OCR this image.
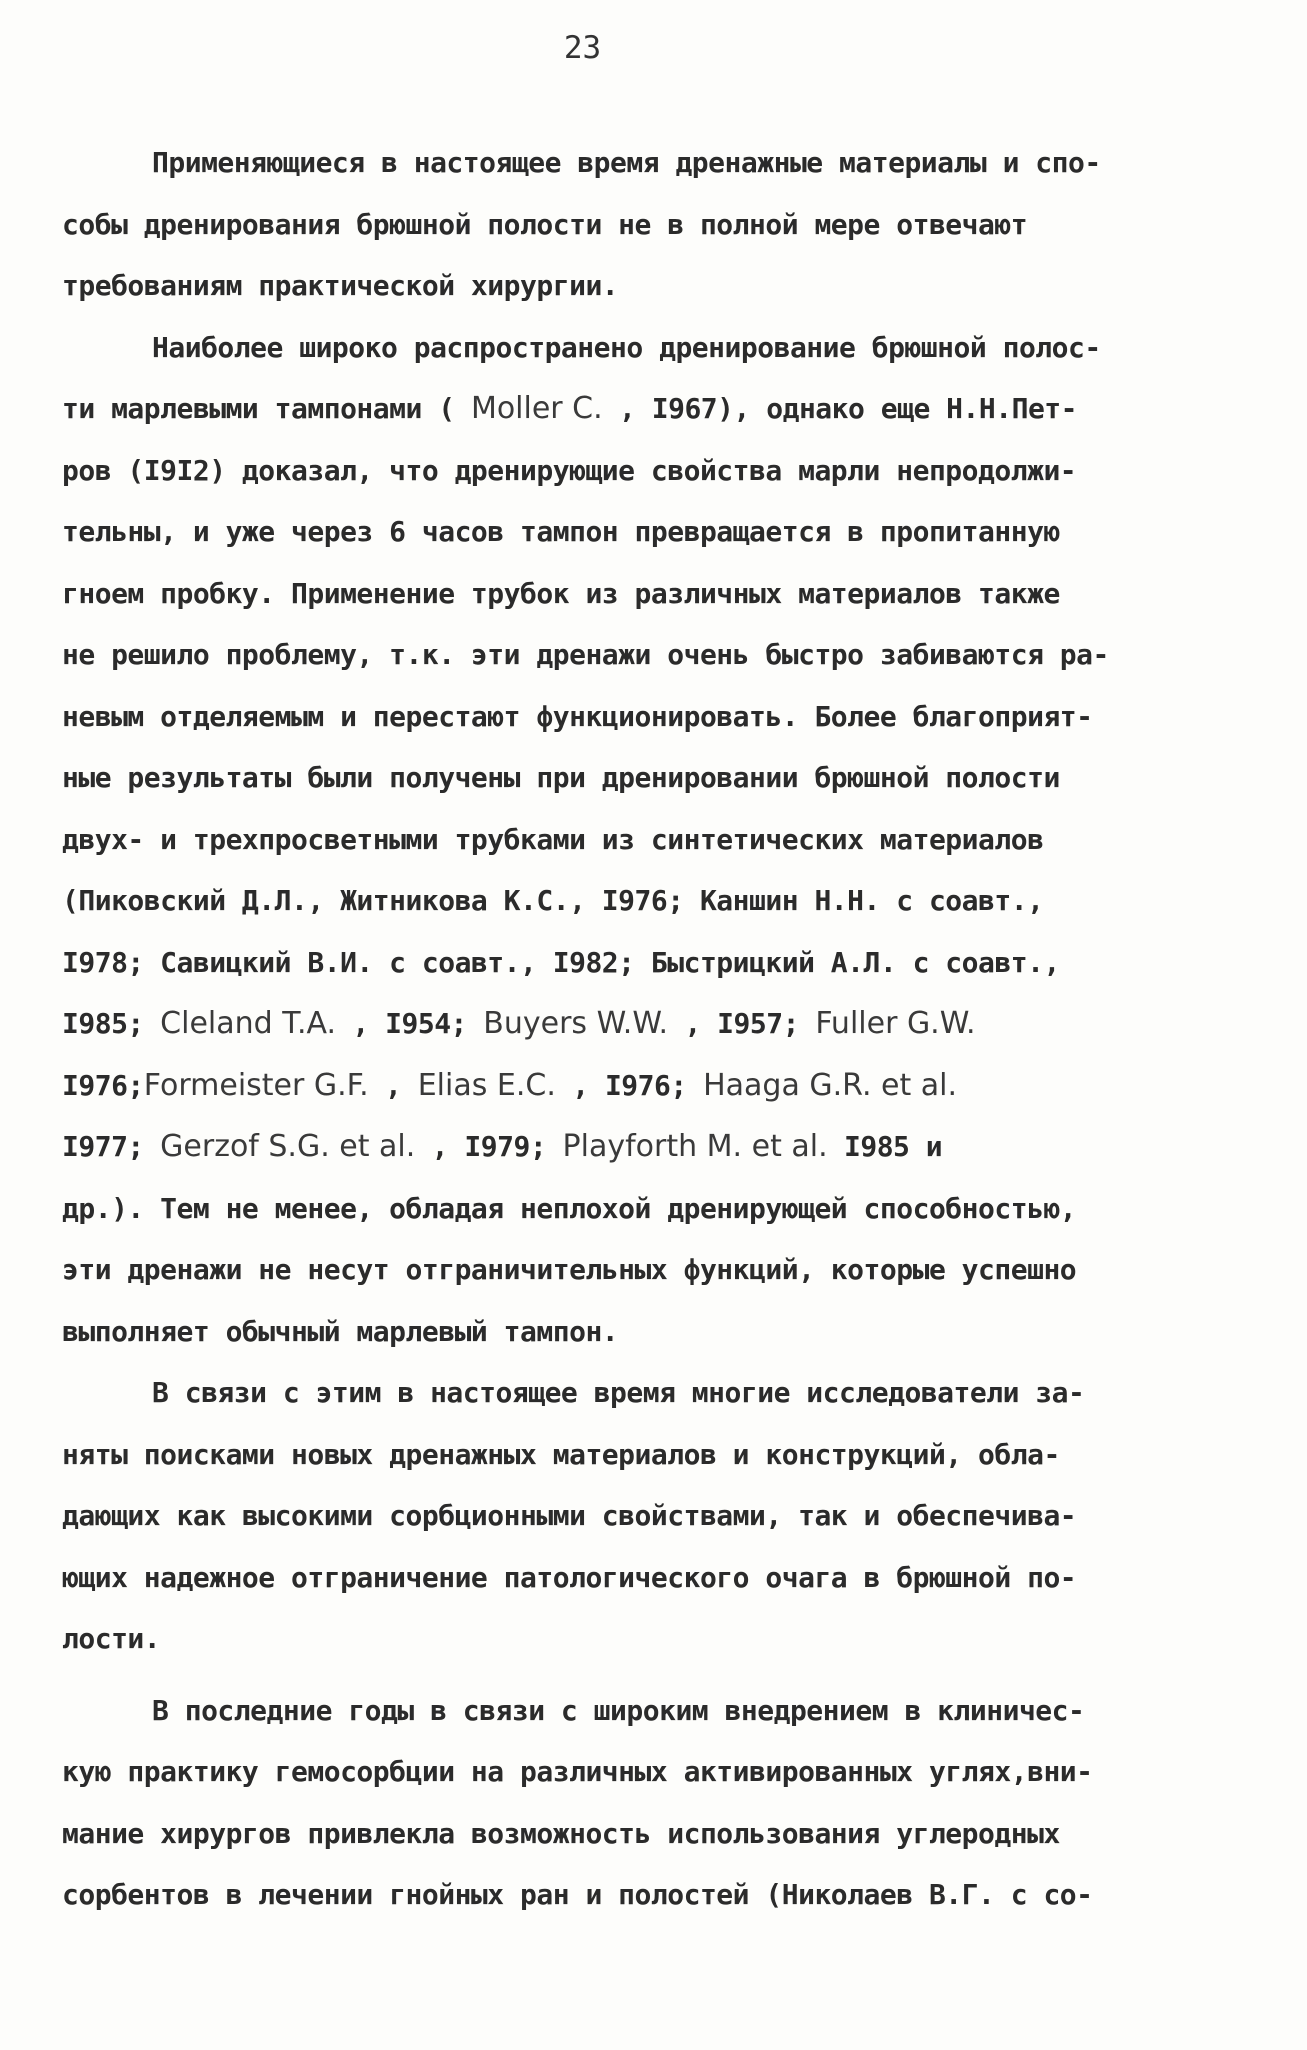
23

Применяющиеся в настоящее время дренажные материалы и спо-

собы дренирования брюшной полости не в полной мере отвечают

требованиям практической хирургии.

Наиболее широко распространено дренирование брюшной полос-

ти марлевыми тампонами ( Moller C. , I967), однако еще Н.Н.Пет-

ров (I9I2) доказал, что дренирующие свойства марли непродолжи-

тельны, и уже через 6 часов тампон превращается в пропитанную

гноем пробку. Применение трубок из различных материалов также

не решило проблему, т.к. эти дренажи очень быстро забиваются ра-

невым отделяемым и перестают функционировать. Более благоприят-

ные результаты были получены при дренировании брюшной полости

двух- и трехпросветными трубками из синтетических материалов

(Пиковский Д.Л., Житникова К.С., I976; Каншин Н.Н. с соавт.,

I978; Савицкий В.И. с соавт., I982; Быстрицкий А.Л. с соавт.,

I985; Cleland T.A. , I954; Buyers W.W. , I957; Fuller G.W.

I976;Formeister G.F. , Elias E.C. , I976; Haaga G.R. et al.

I977; Gerzof S.G. et al. , I979; Playforth M. et al. I985 и

др.). Тем не менее, обладая неплохой дренирующей способностью,

эти дренажи не несут отграничительных функций, которые успешно

выполняет обычный марлевый тампон.

В связи с этим в настоящее время многие исследователи за-

няты поисками новых дренажных материалов и конструкций, обла-

дающих как высокими сорбционными свойствами, так и обеспечива-

ющих надежное отграничение патологического очага в брюшной по-

лости.

В последние годы в связи с широким внедрением в клиничес-

кую практику гемосорбции на различных активированных углях,вни-

мание хирургов привлекла возможность использования углеродных

сорбентов в лечении гнойных ран и полостей (Николаев В.Г. с со-
